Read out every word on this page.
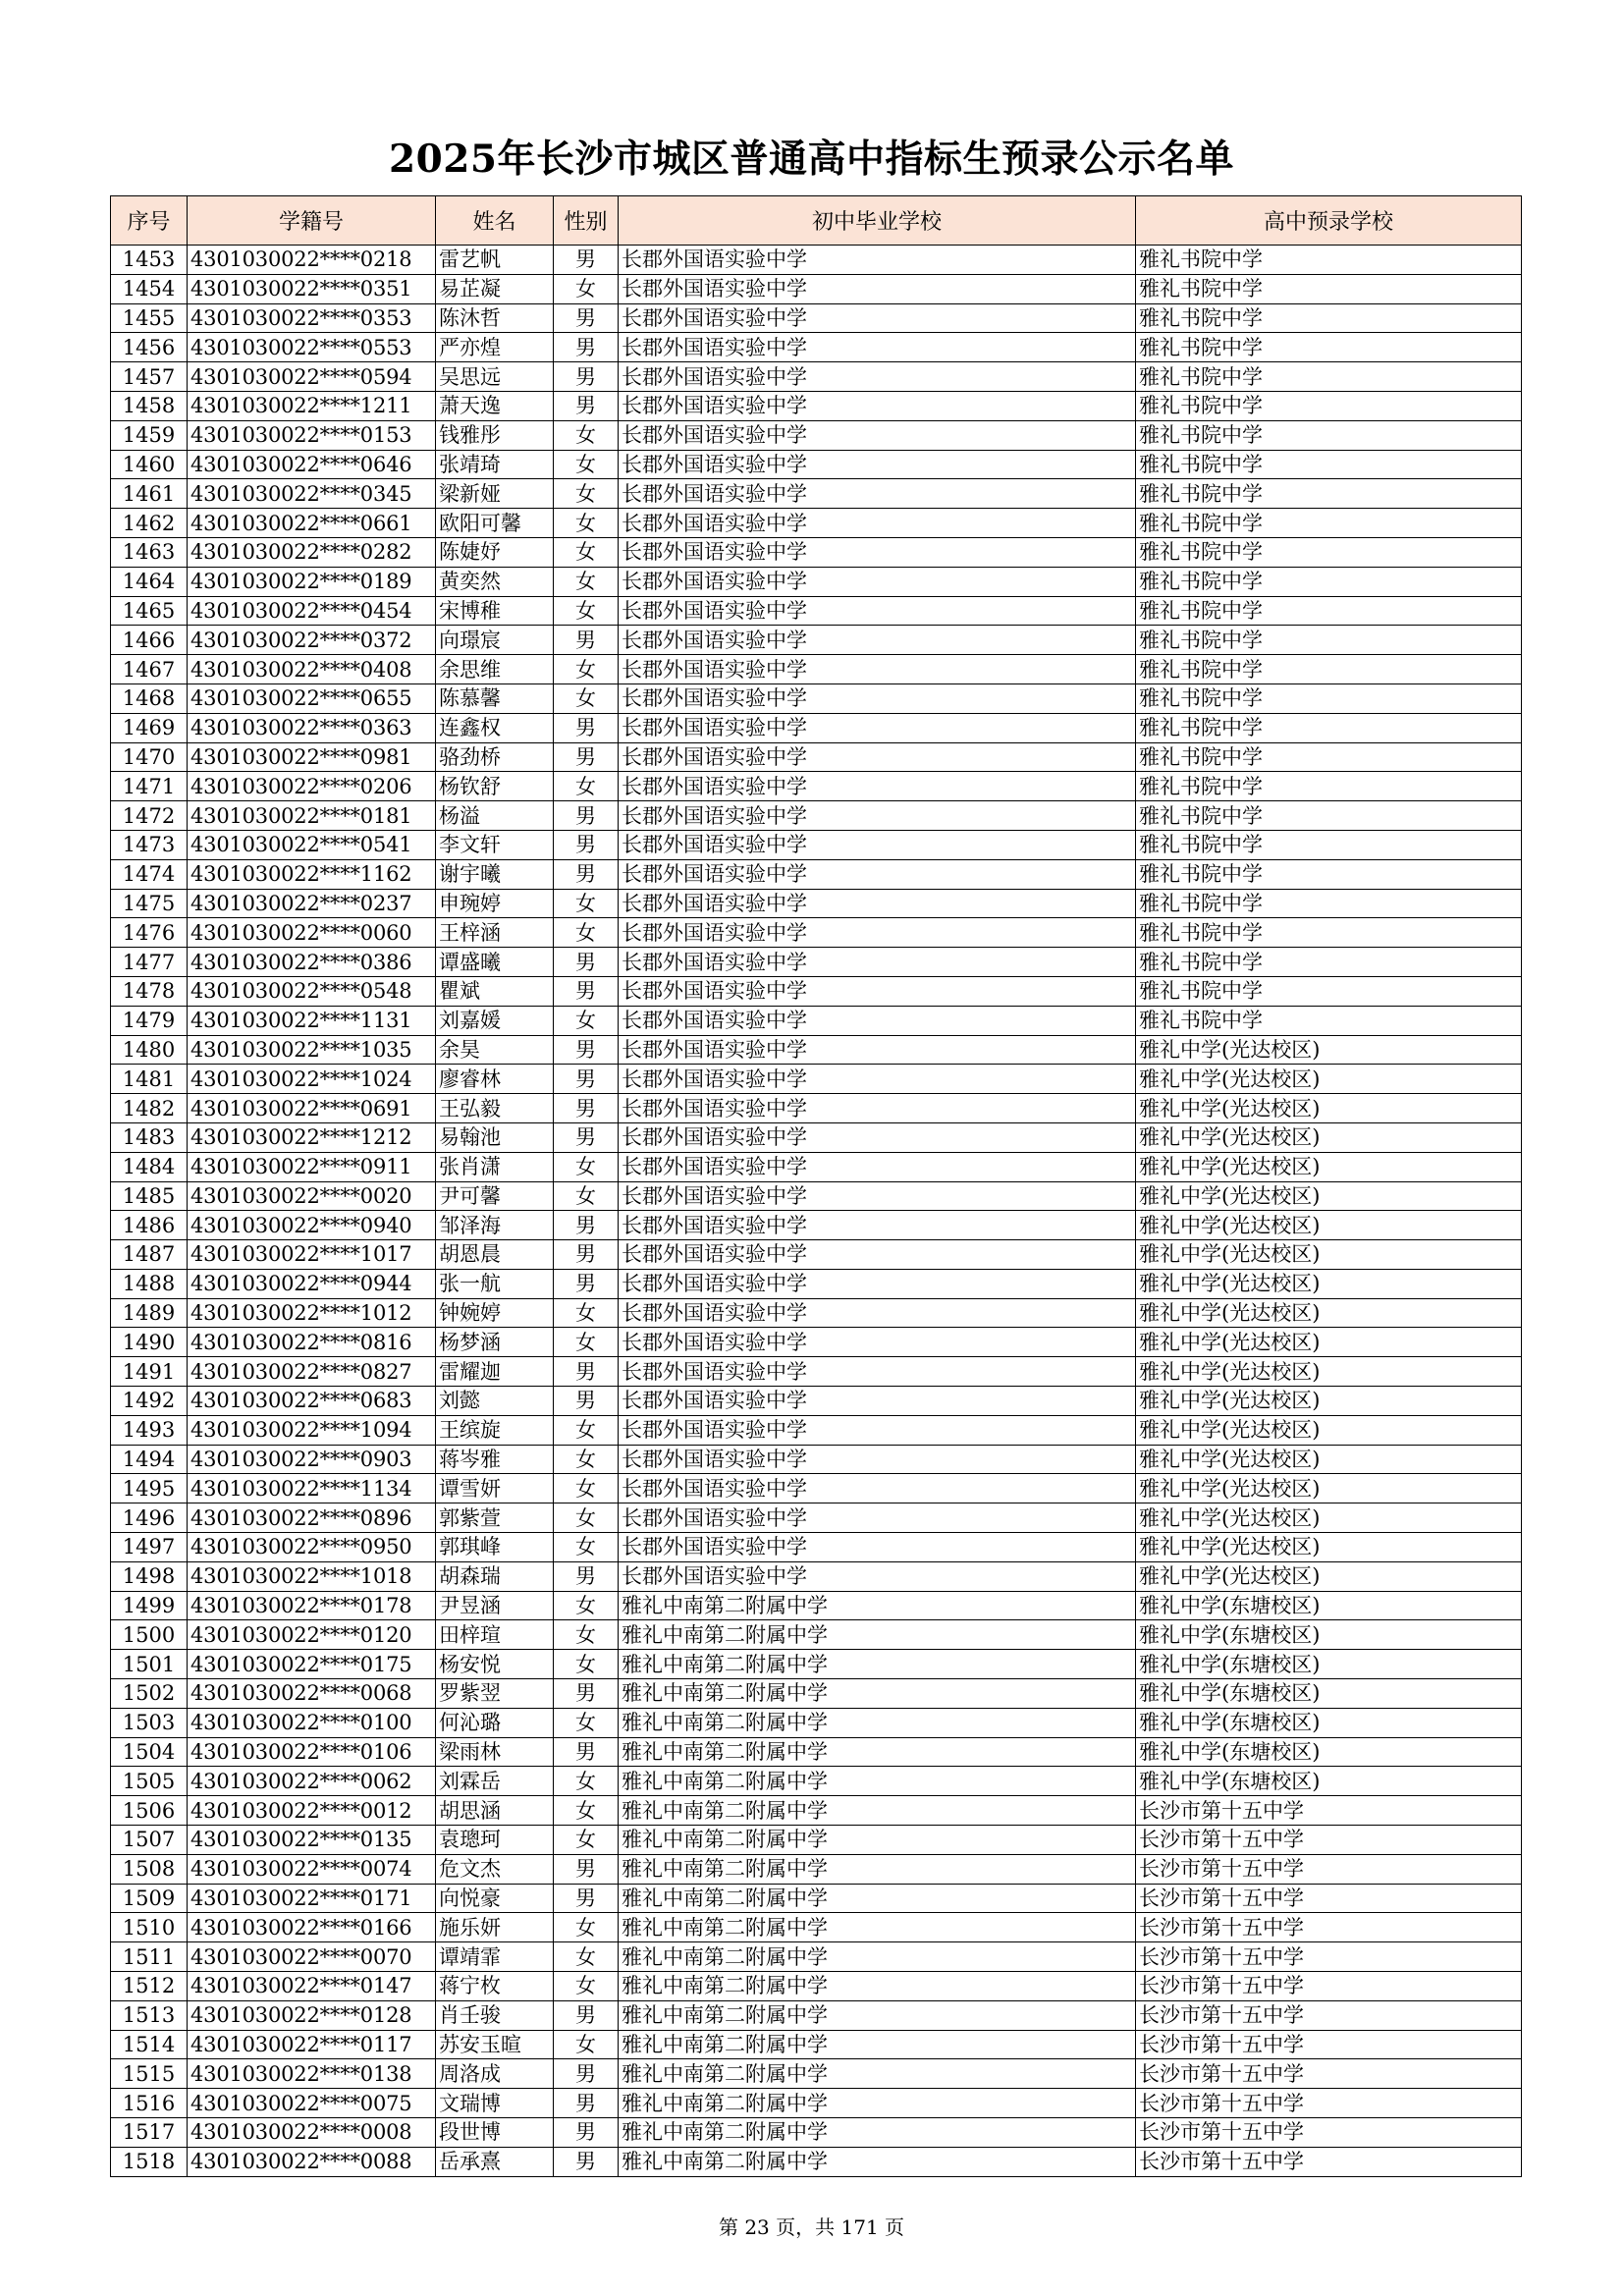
2025年长沙市城区普通高中指标生预录公示名单
序号	学籍号	姓名	性别	初中毕业学校	高中预录学校
1453	4301030022****0218	雷艺帆	男	长郡外国语实验中学	雅礼书院中学
1454	4301030022****0351	易芷凝	女	长郡外国语实验中学	雅礼书院中学
1455	4301030022****0353	陈沐哲	男	长郡外国语实验中学	雅礼书院中学
1456	4301030022****0553	严亦煌	男	长郡外国语实验中学	雅礼书院中学
1457	4301030022****0594	吴思远	男	长郡外国语实验中学	雅礼书院中学
1458	4301030022****1211	萧天逸	男	长郡外国语实验中学	雅礼书院中学
1459	4301030022****0153	钱雅彤	女	长郡外国语实验中学	雅礼书院中学
1460	4301030022****0646	张靖琦	女	长郡外国语实验中学	雅礼书院中学
1461	4301030022****0345	梁新娅	女	长郡外国语实验中学	雅礼书院中学
1462	4301030022****0661	欧阳可馨	女	长郡外国语实验中学	雅礼书院中学
1463	4301030022****0282	陈婕妤	女	长郡外国语实验中学	雅礼书院中学
1464	4301030022****0189	黄奕然	女	长郡外国语实验中学	雅礼书院中学
1465	4301030022****0454	宋博稚	女	长郡外国语实验中学	雅礼书院中学
1466	4301030022****0372	向璟宸	男	长郡外国语实验中学	雅礼书院中学
1467	4301030022****0408	余思维	女	长郡外国语实验中学	雅礼书院中学
1468	4301030022****0655	陈慕馨	女	长郡外国语实验中学	雅礼书院中学
1469	4301030022****0363	连鑫权	男	长郡外国语实验中学	雅礼书院中学
1470	4301030022****0981	骆劲桥	男	长郡外国语实验中学	雅礼书院中学
1471	4301030022****0206	杨钦舒	女	长郡外国语实验中学	雅礼书院中学
1472	4301030022****0181	杨溢	男	长郡外国语实验中学	雅礼书院中学
1473	4301030022****0541	李文轩	男	长郡外国语实验中学	雅礼书院中学
1474	4301030022****1162	谢宇曦	男	长郡外国语实验中学	雅礼书院中学
1475	4301030022****0237	申琬婷	女	长郡外国语实验中学	雅礼书院中学
1476	4301030022****0060	王梓涵	女	长郡外国语实验中学	雅礼书院中学
1477	4301030022****0386	谭盛曦	男	长郡外国语实验中学	雅礼书院中学
1478	4301030022****0548	瞿斌	男	长郡外国语实验中学	雅礼书院中学
1479	4301030022****1131	刘嘉媛	女	长郡外国语实验中学	雅礼书院中学
1480	4301030022****1035	余昊	男	长郡外国语实验中学	雅礼中学(光达校区)
1481	4301030022****1024	廖睿林	男	长郡外国语实验中学	雅礼中学(光达校区)
1482	4301030022****0691	王弘毅	男	长郡外国语实验中学	雅礼中学(光达校区)
1483	4301030022****1212	易翰池	男	长郡外国语实验中学	雅礼中学(光达校区)
1484	4301030022****0911	张肖潇	女	长郡外国语实验中学	雅礼中学(光达校区)
1485	4301030022****0020	尹可馨	女	长郡外国语实验中学	雅礼中学(光达校区)
1486	4301030022****0940	邹泽海	男	长郡外国语实验中学	雅礼中学(光达校区)
1487	4301030022****1017	胡恩晨	男	长郡外国语实验中学	雅礼中学(光达校区)
1488	4301030022****0944	张一航	男	长郡外国语实验中学	雅礼中学(光达校区)
1489	4301030022****1012	钟婉婷	女	长郡外国语实验中学	雅礼中学(光达校区)
1490	4301030022****0816	杨梦涵	女	长郡外国语实验中学	雅礼中学(光达校区)
1491	4301030022****0827	雷耀迦	男	长郡外国语实验中学	雅礼中学(光达校区)
1492	4301030022****0683	刘懿	男	长郡外国语实验中学	雅礼中学(光达校区)
1493	4301030022****1094	王缤旋	女	长郡外国语实验中学	雅礼中学(光达校区)
1494	4301030022****0903	蒋岑雅	女	长郡外国语实验中学	雅礼中学(光达校区)
1495	4301030022****1134	谭雪妍	女	长郡外国语实验中学	雅礼中学(光达校区)
1496	4301030022****0896	郭紫萱	女	长郡外国语实验中学	雅礼中学(光达校区)
1497	4301030022****0950	郭琪峰	女	长郡外国语实验中学	雅礼中学(光达校区)
1498	4301030022****1018	胡森瑞	男	长郡外国语实验中学	雅礼中学(光达校区)
1499	4301030022****0178	尹昱涵	女	雅礼中南第二附属中学	雅礼中学(东塘校区)
1500	4301030022****0120	田梓瑄	女	雅礼中南第二附属中学	雅礼中学(东塘校区)
1501	4301030022****0175	杨安悦	女	雅礼中南第二附属中学	雅礼中学(东塘校区)
1502	4301030022****0068	罗紫翌	男	雅礼中南第二附属中学	雅礼中学(东塘校区)
1503	4301030022****0100	何沁璐	女	雅礼中南第二附属中学	雅礼中学(东塘校区)
1504	4301030022****0106	梁雨林	男	雅礼中南第二附属中学	雅礼中学(东塘校区)
1505	4301030022****0062	刘霖岳	女	雅礼中南第二附属中学	雅礼中学(东塘校区)
1506	4301030022****0012	胡思涵	女	雅礼中南第二附属中学	长沙市第十五中学
1507	4301030022****0135	袁璁珂	女	雅礼中南第二附属中学	长沙市第十五中学
1508	4301030022****0074	危文杰	男	雅礼中南第二附属中学	长沙市第十五中学
1509	4301030022****0171	向悦豪	男	雅礼中南第二附属中学	长沙市第十五中学
1510	4301030022****0166	施乐妍	女	雅礼中南第二附属中学	长沙市第十五中学
1511	4301030022****0070	谭靖霏	女	雅礼中南第二附属中学	长沙市第十五中学
1512	4301030022****0147	蒋宁枚	女	雅礼中南第二附属中学	长沙市第十五中学
1513	4301030022****0128	肖壬骏	男	雅礼中南第二附属中学	长沙市第十五中学
1514	4301030022****0117	苏安玉暄	女	雅礼中南第二附属中学	长沙市第十五中学
1515	4301030022****0138	周洛成	男	雅礼中南第二附属中学	长沙市第十五中学
1516	4301030022****0075	文瑞博	男	雅礼中南第二附属中学	长沙市第十五中学
1517	4301030022****0008	段世博	男	雅礼中南第二附属中学	长沙市第十五中学
1518	4301030022****0088	岳承熹	男	雅礼中南第二附属中学	长沙市第十五中学
第 23 页，共 171 页
